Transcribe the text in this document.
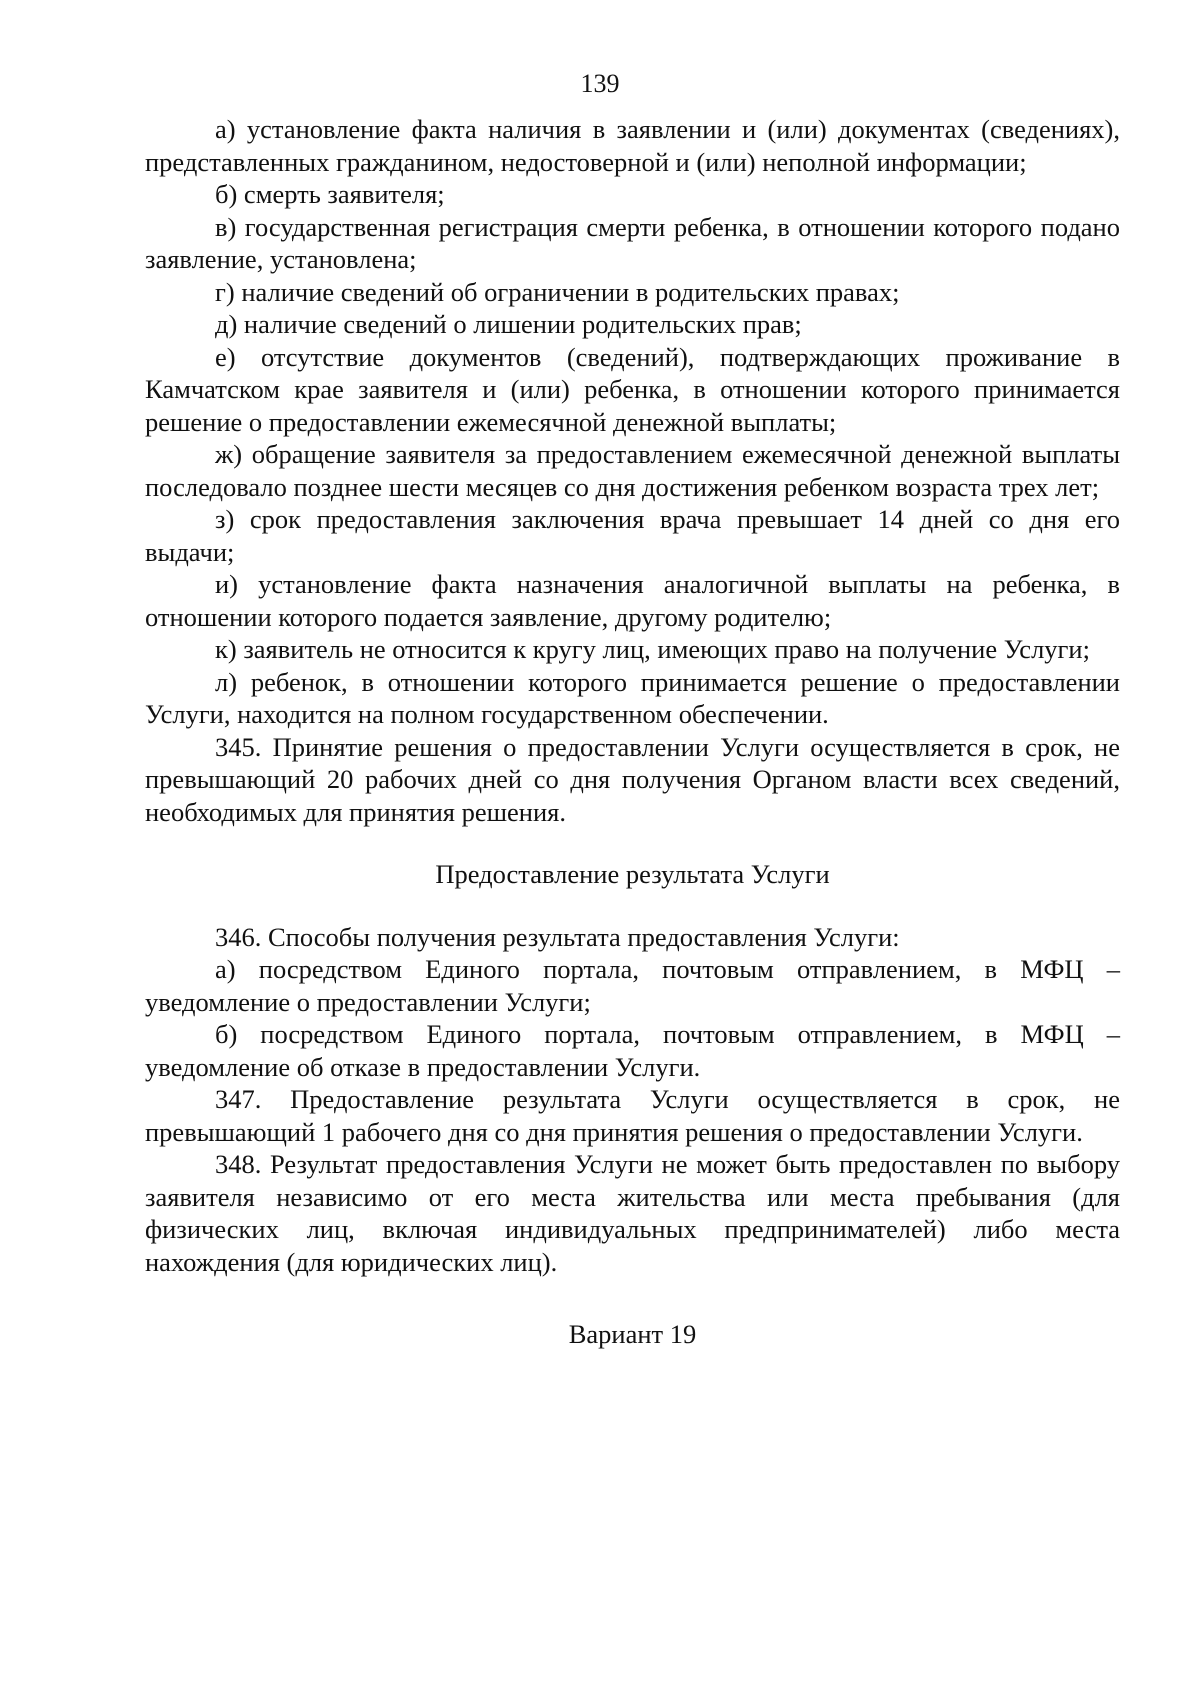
139

а) установление факта наличия в заявлении и (или) документах (сведениях), представленных гражданином, недостоверной и (или) неполной информации;

б) смерть заявителя;

в) государственная регистрация смерти ребенка, в отношении которого подано заявление, установлена;

г) наличие сведений об ограничении в родительских правах;

д) наличие сведений о лишении родительских прав;

е) отсутствие документов (сведений), подтверждающих проживание в Камчатском крае заявителя и (или) ребенка, в отношении которого принимается решение о предоставлении ежемесячной денежной выплаты;

ж) обращение заявителя за предоставлением ежемесячной денежной выплаты последовало позднее шести месяцев со дня достижения ребенком возраста трех лет;

з) срок предоставления заключения врача превышает 14 дней со дня его выдачи;

и) установление факта назначения аналогичной выплаты на ребенка, в отношении которого подается заявление, другому родителю;

к) заявитель не относится к кругу лиц, имеющих право на получение Услуги;

л) ребенок, в отношении которого принимается решение о предоставлении Услуги, находится на полном государственном обеспечении.

345. Принятие решения о предоставлении Услуги осуществляется в срок, не превышающий 20 рабочих дней со дня получения Органом власти всех сведений, необходимых для принятия решения.

Предоставление результата Услуги

346. Способы получения результата предоставления Услуги:

а) посредством Единого портала, почтовым отправлением, в МФЦ – уведомление о предоставлении Услуги;

б) посредством Единого портала, почтовым отправлением, в МФЦ – уведомление об отказе в предоставлении Услуги.

347. Предоставление результата Услуги осуществляется в срок, не превышающий 1 рабочего дня со дня принятия решения о предоставлении Услуги.

348. Результат предоставления Услуги не может быть предоставлен по выбору заявителя независимо от его места жительства или места пребывания (для физических лиц, включая индивидуальных предпринимателей) либо места нахождения (для юридических лиц).

Вариант 19
